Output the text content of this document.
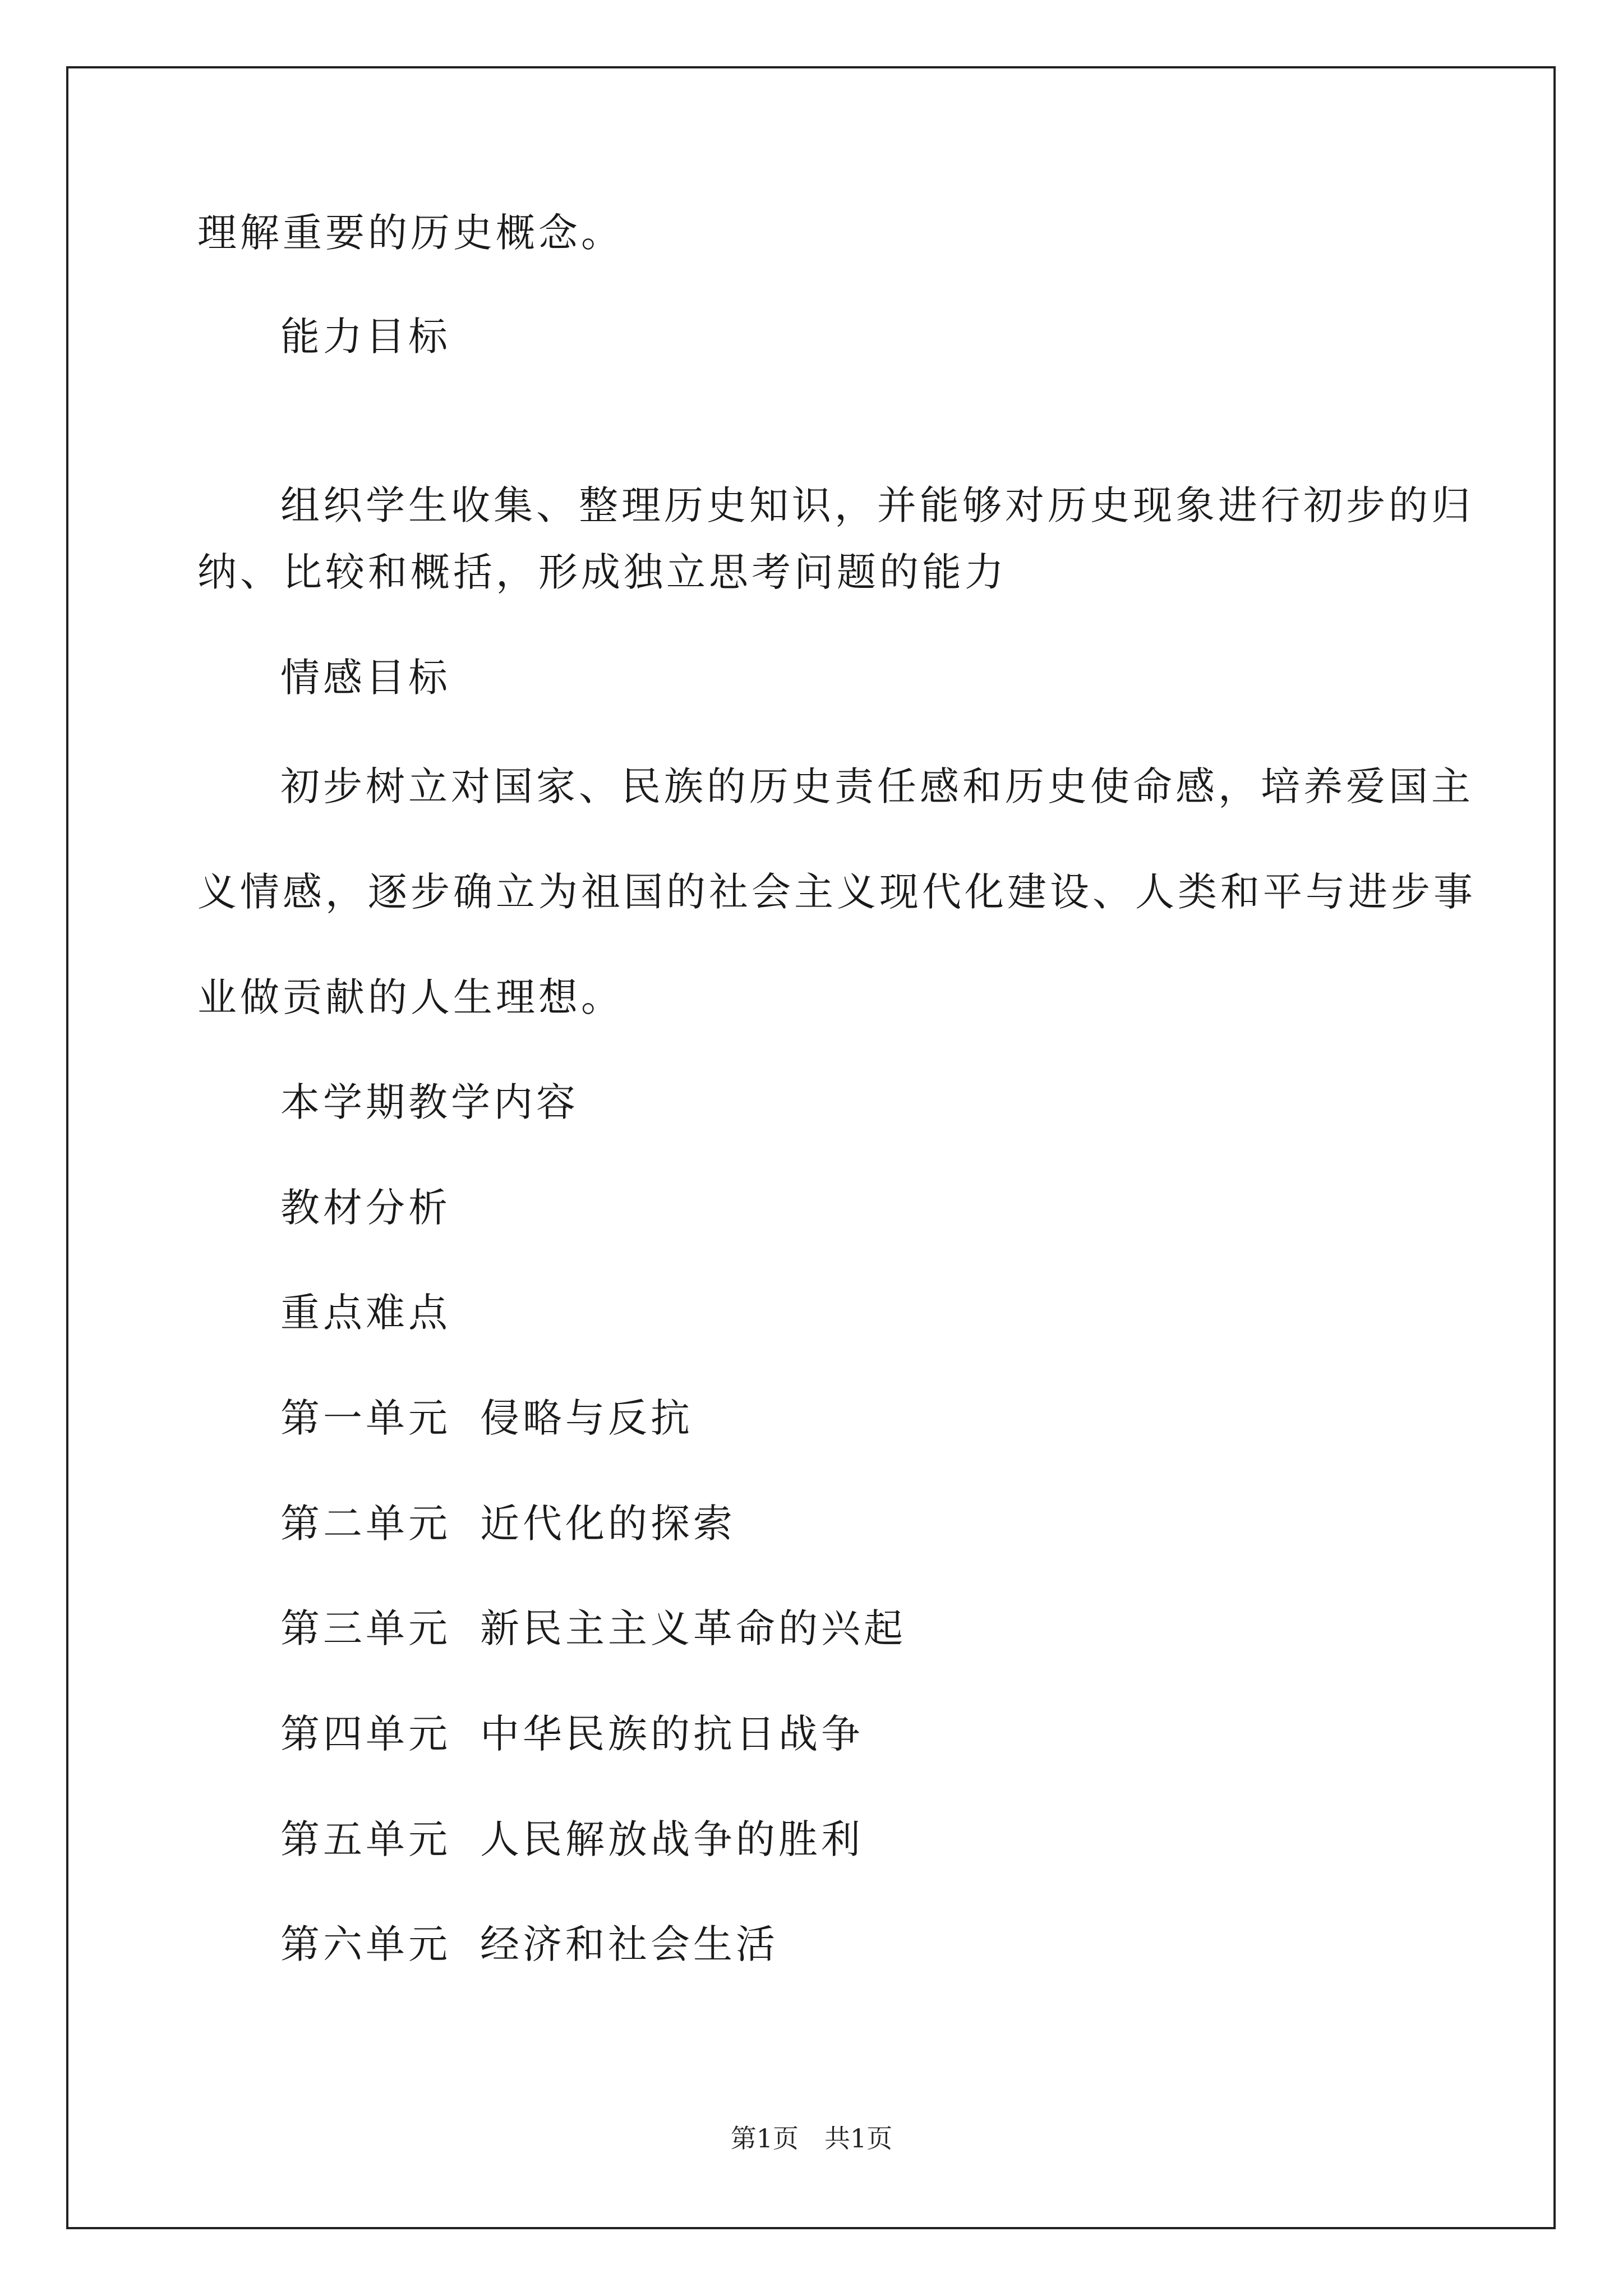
理解重要的历史概念。
能力目标
组织学生收集、整理历史知识，并能够对历史现象进行初步的归
纳、比较和概括，形成独立思考问题的能力
情感目标
初步树立对国家、民族的历史责任感和历史使命感，培养爱国主
义情感，逐步确立为祖国的社会主义现代化建设、人类和平与进步事
业做贡献的人生理想。
本学期教学内容
教材分析
重点难点
第一单元 侵略与反抗
第二单元 近代化的探索
第三单元 新民主主义革命的兴起
第四单元 中华民族的抗日战争
第五单元 人民解放战争的胜利
第六单元 经济和社会生活
第1页　共1页
